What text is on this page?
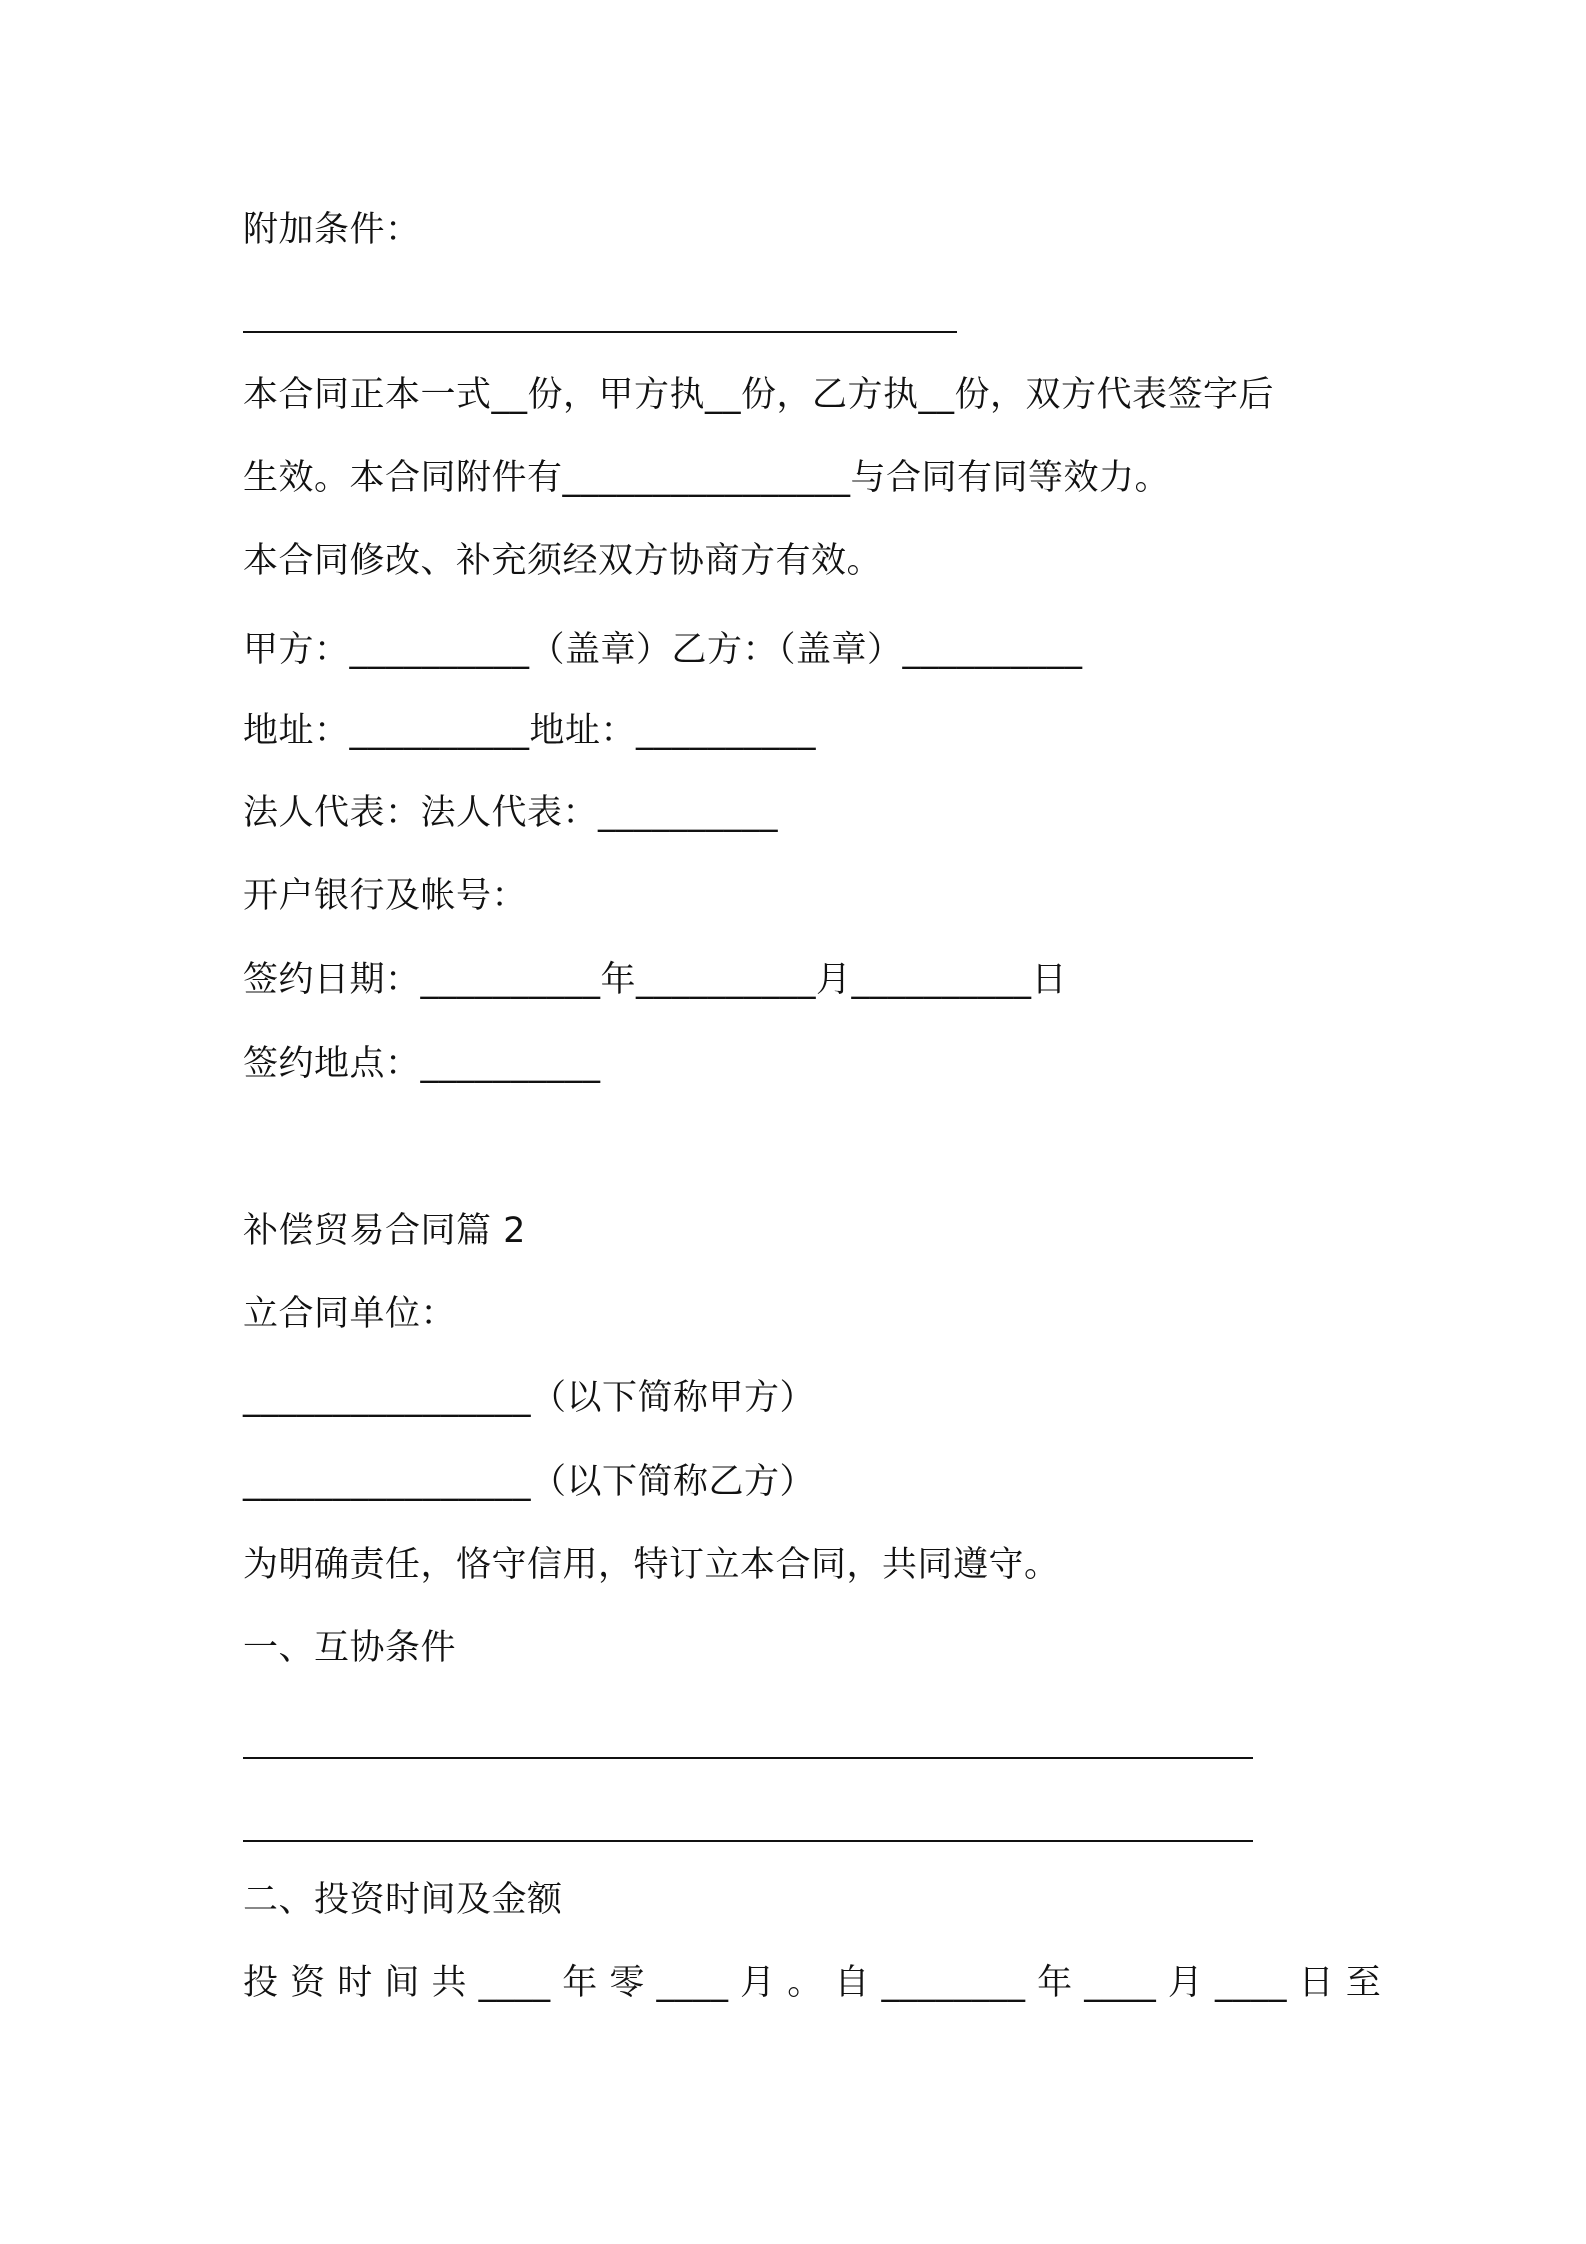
附加条件：

本合同正本一式__份，甲方执__份，乙方执__份，双方代表签字后

生效。本合同附件有________________与合同有同等效力。

本合同修改、补充须经双方协商方有效。

甲方：__________（盖章）乙方：（盖章）__________

地址：__________地址：__________

法人代表：法人代表：__________

开户银行及帐号：

签约日期：__________年__________月__________日

签约地点：__________

补偿贸易合同篇 2

立合同单位：

________________（以下简称甲方）

________________（以下简称乙方）

为明确责任，恪守信用，特订立本合同，共同遵守。

一、互协条件

二、投资时间及金额

投 资 时 间 共 ____ 年 零 ____ 月 。 自 ________ 年 ____ 月 ____ 日 至
